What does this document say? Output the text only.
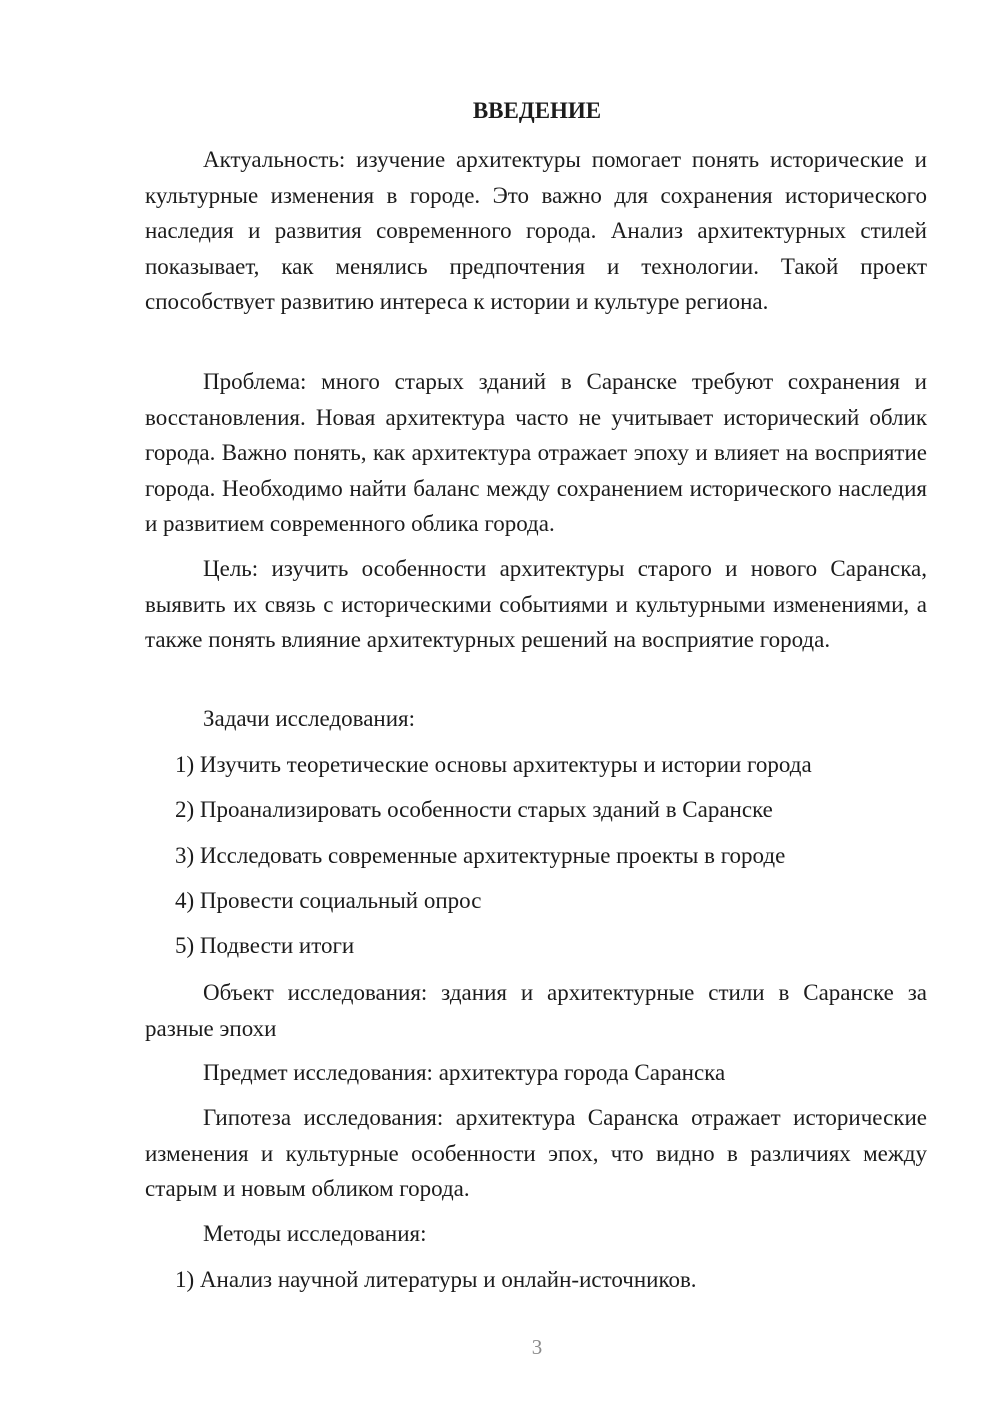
ВВЕДЕНИЕ

Актуальность: изучение архитектуры помогает понять исторические и культурные изменения в городе. Это важно для сохранения исторического наследия и развития современного города. Анализ архитектурных стилей показывает, как менялись предпочтения и технологии. Такой проект способствует развитию интереса к истории и культуре региона.

Проблема: много старых зданий в Саранске требуют сохранения и восстановления. Новая архитектура часто не учитывает исторический облик города. Важно понять, как архитектура отражает эпоху и влияет на восприятие города. Необходимо найти баланс между сохранением исторического наследия и развитием современного облика города.

Цель: изучить особенности архитектуры старого и нового Саранска, выявить их связь с историческими событиями и культурными изменениями, а также понять влияние архитектурных решений на восприятие города.

Задачи исследования:

1) Изучить теоретические основы архитектуры и истории города

2) Проанализировать особенности старых зданий в Саранске

3) Исследовать современные архитектурные проекты в городе

4) Провести социальный опрос

5) Подвести итоги

Объект исследования: здания и архитектурные стили в Саранске за разные эпохи

Предмет исследования: архитектура города Саранска

Гипотеза исследования: архитектура Саранска отражает исторические изменения и культурные особенности эпох, что видно в различиях между старым и новым обликом города.

Методы исследования:

1) Анализ научной литературы и онлайн-источников.

3
